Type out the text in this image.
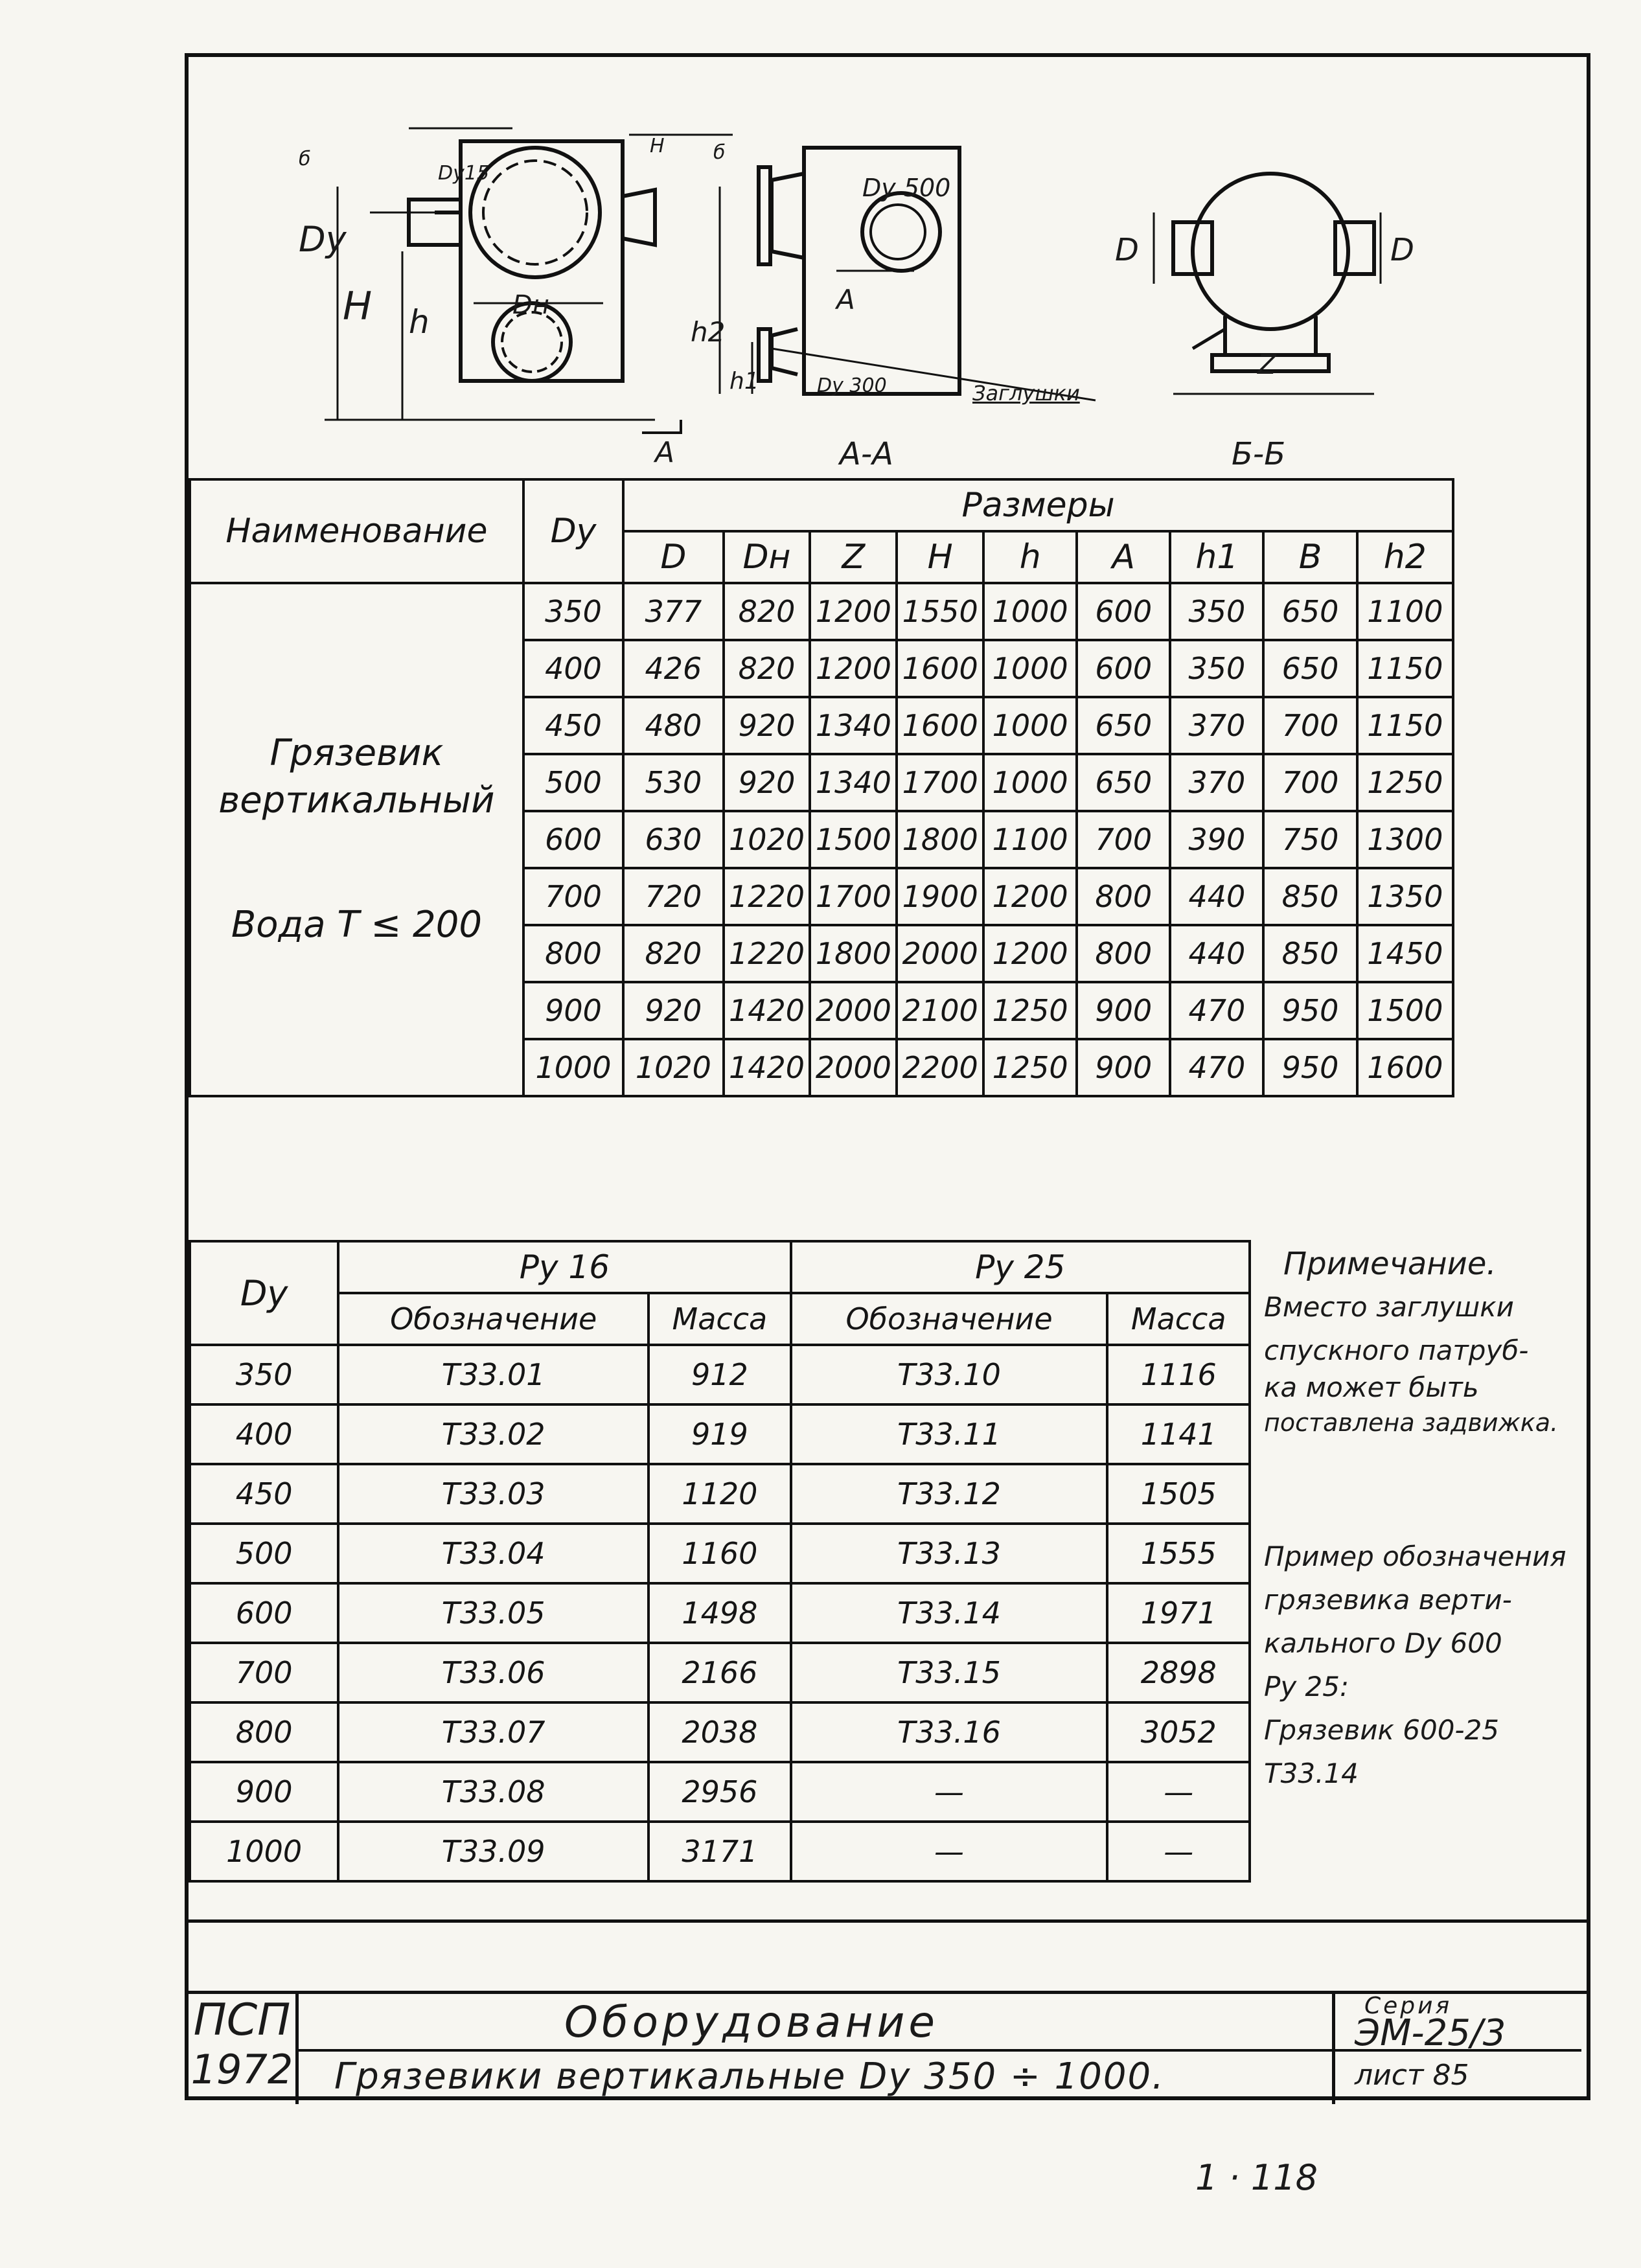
Dy
H h	Dн
Dу15
б
H	б
A
Dy 500
A
h2
h1	Dy 300	Заглушки
A-A
D	D
Z
Б-Б
Наименование	Dу	Размеры								
		D	Dн	Z	H	h	A	h1	B	h2

Грязевик
вертикальный
Вода Т ≤ 200	350	377	820	1200	1550	1000	600	350	650	1100
	400	426	820	1200	1600	1000	600	350	650	1150
	450	480	920	1340	1600	1000	650	370	700	1150
	500	530	920	1340	1700	1000	650	370	700	1250
	600	630	1020	1500	1800	1100	700	390	750	1300
	700	720	1220	1700	1900	1200	800	440	850	1350
	800	820	1220	1800	2000	1200	800	440	850	1450
	900	920	1420	2000	2100	1250	900	470	950	1500
	1000	1020	1420	2000	2200	1250	900	470	950	1600
Dу	Pу 16		Pу 25	
	Обозначение	Масса	Обозначение	Масса
350	Т33.01	912	Т33.10	1116
400	Т33.02	919	Т33.11	1141
450	Т33.03	1120	Т33.12	1505
500	Т33.04	1160	Т33.13	1555
600	Т33.05	1498	Т33.14	1971
700	Т33.06	2166	Т33.15	2898
800	Т33.07	2038	Т33.16	3052
900	Т33.08	2956	—	—
1000	Т33.09	3171	—	—
Примечание.
Вместо заглушки
спускного патруб-
ка может быть
поставлена задвижка.
Пример обозначения
грязевика верти-
кального Dу 600
Pу 25:
Грязевик 600-25
Т33.14
ПСП
1972
Оборудование
Грязевики вертикальные Dу 350 ÷ 1000.
Серия
ЭМ-25/3
лист 85
1 · 118
